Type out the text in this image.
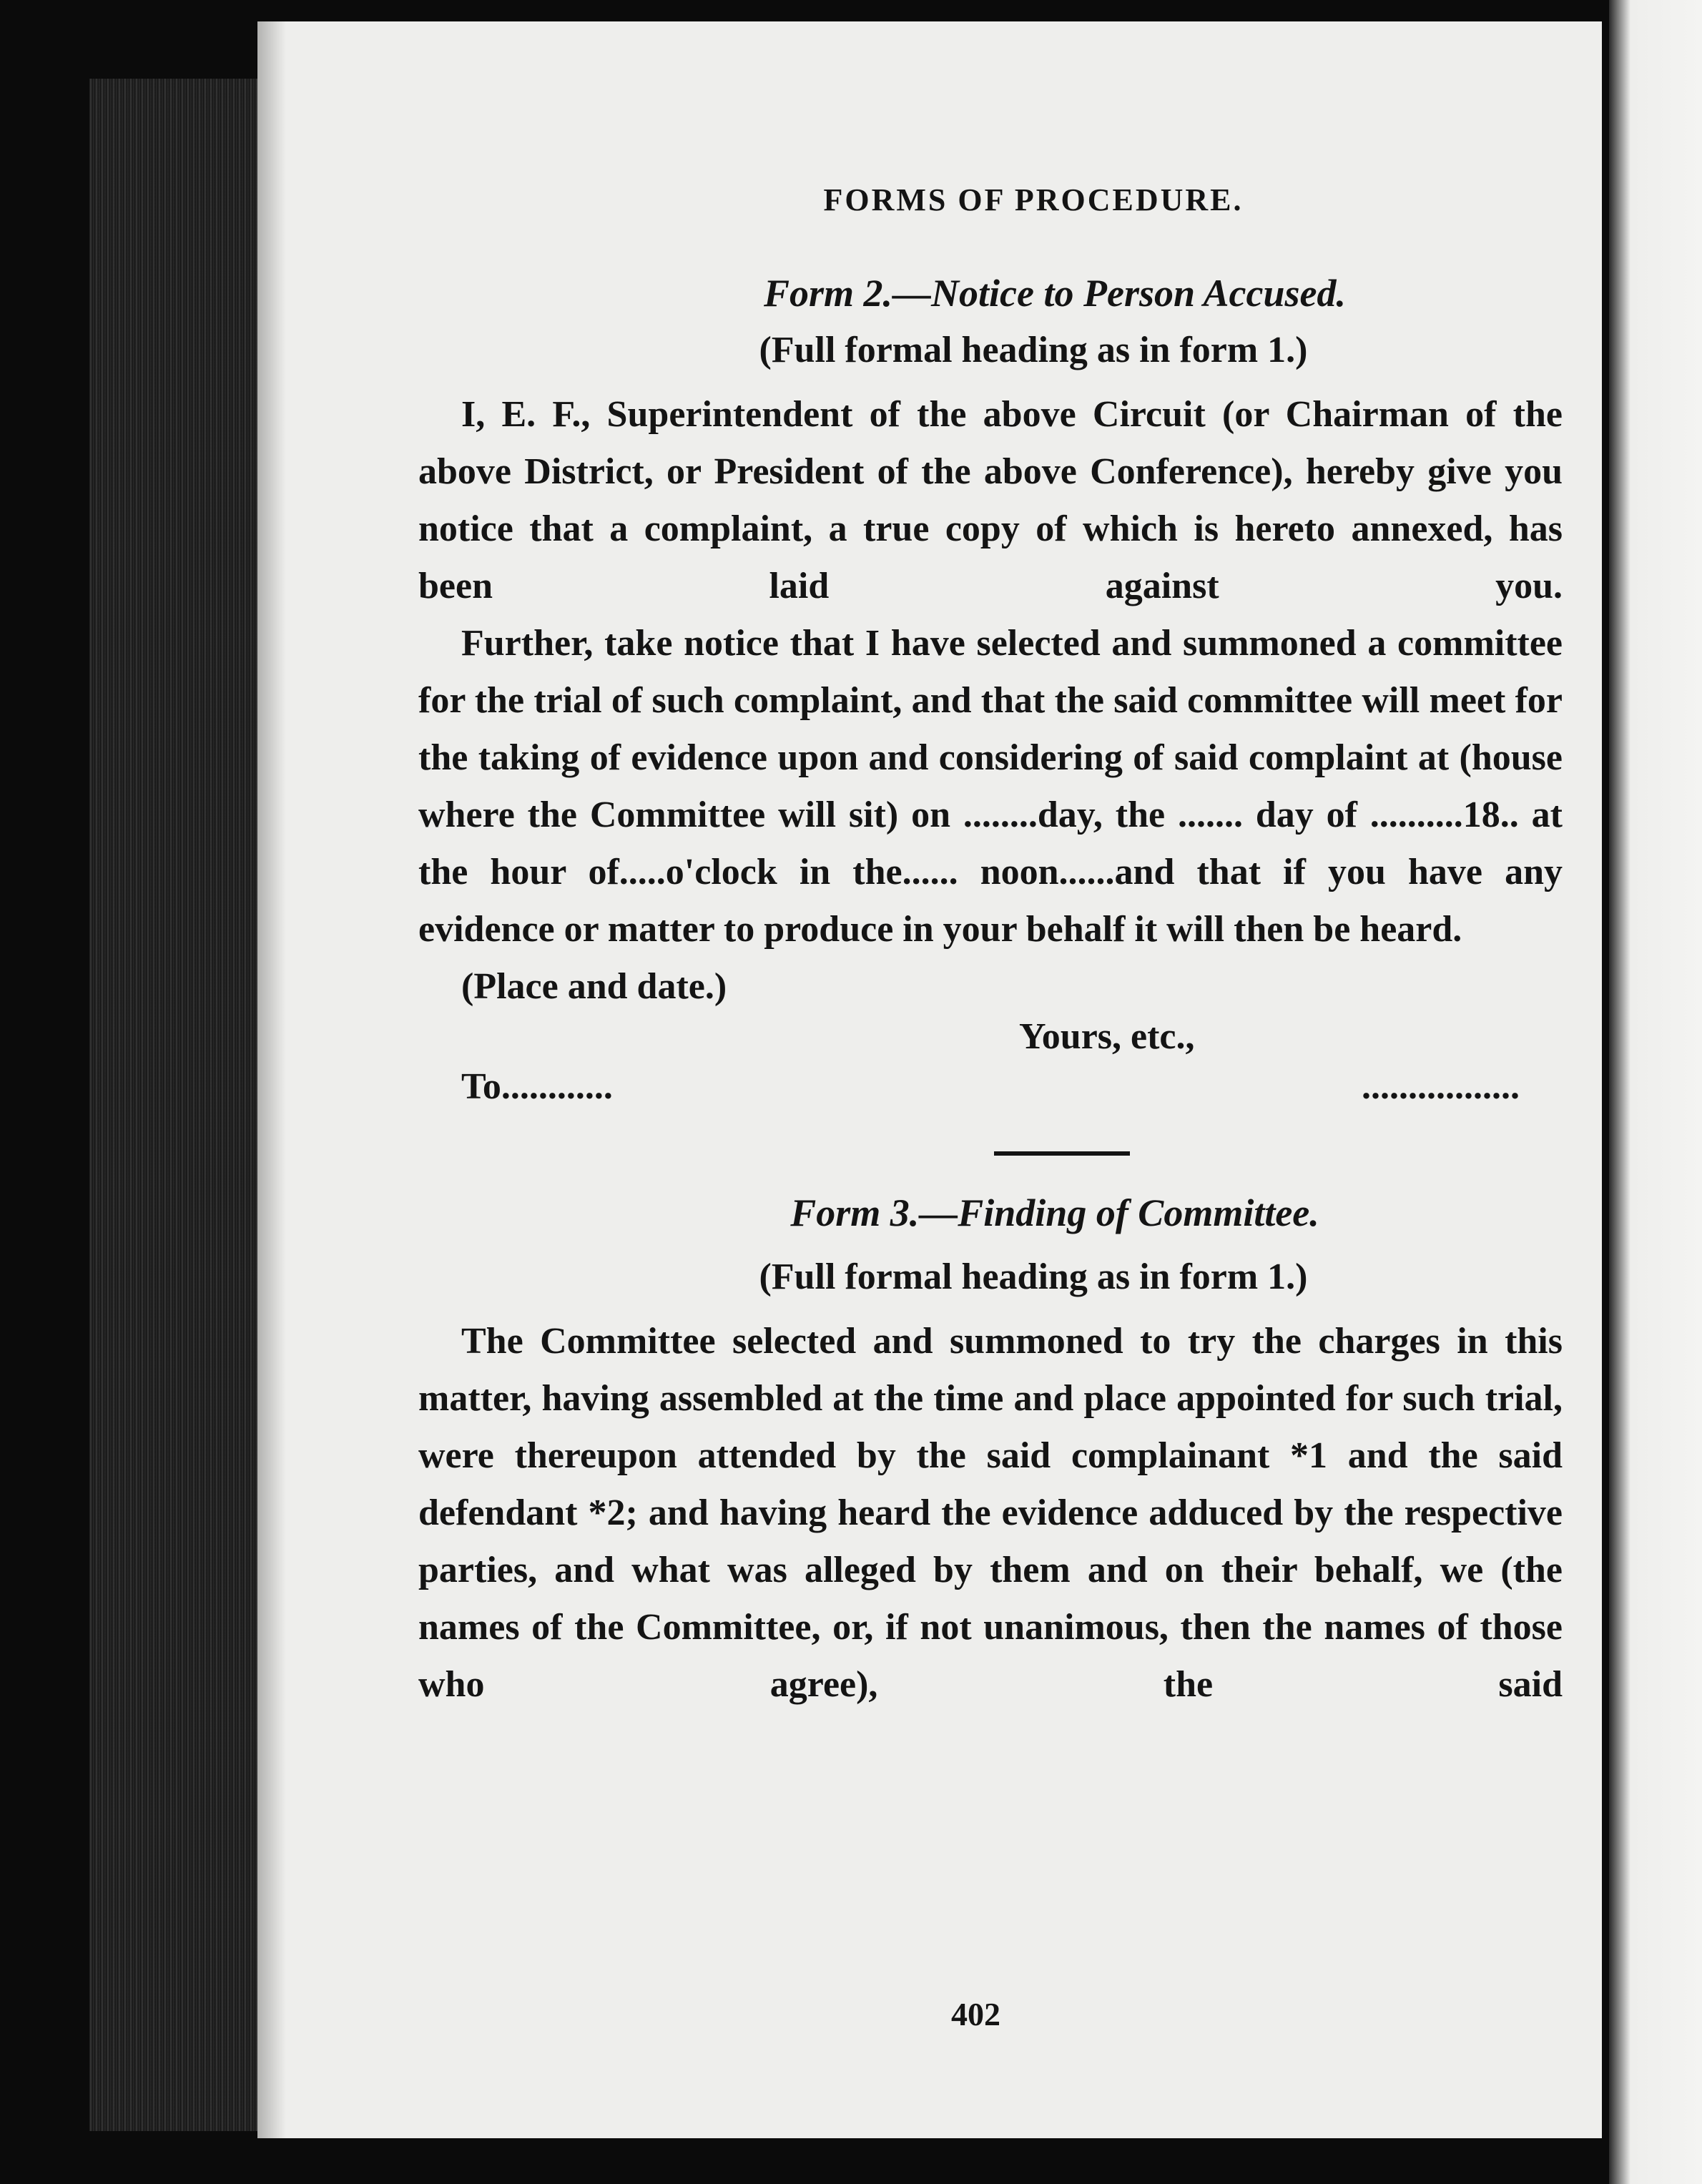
FORMS OF PROCEDURE.
Form 2.—Notice to Person Accused.
(Full formal heading as in form 1.)

I, E. F., Superintendent of the above Circuit (or Chairman of the above District, or President of the above Conference), hereby give you notice that a complaint, a true copy of which is hereto annexed, has been laid against you.

Further, take notice that I have selected and summoned a committee for the trial of such complaint, and that the said committee will meet for the taking of evidence upon and considering of said complaint at (house where the Committee will sit) on ........day, the ....... day of ..........18.. at the hour of.....o'clock in the...... noon......and that if you have any evidence or matter to produce in your behalf it will then be heard.

(Place and date.)
Yours, etc.,
To............	.................
Form 3.—Finding of Committee.
(Full formal heading as in form 1.)

The Committee selected and summoned to try the charges in this matter, having assembled at the time and place appointed for such trial, were thereupon attended by the said complainant *1 and the said defendant *2; and having heard the evidence adduced by the respective parties, and what was alleged by them and on their behalf, we (the names of the Committee, or, if not unanimous, then the names of those who agree), the said

402
